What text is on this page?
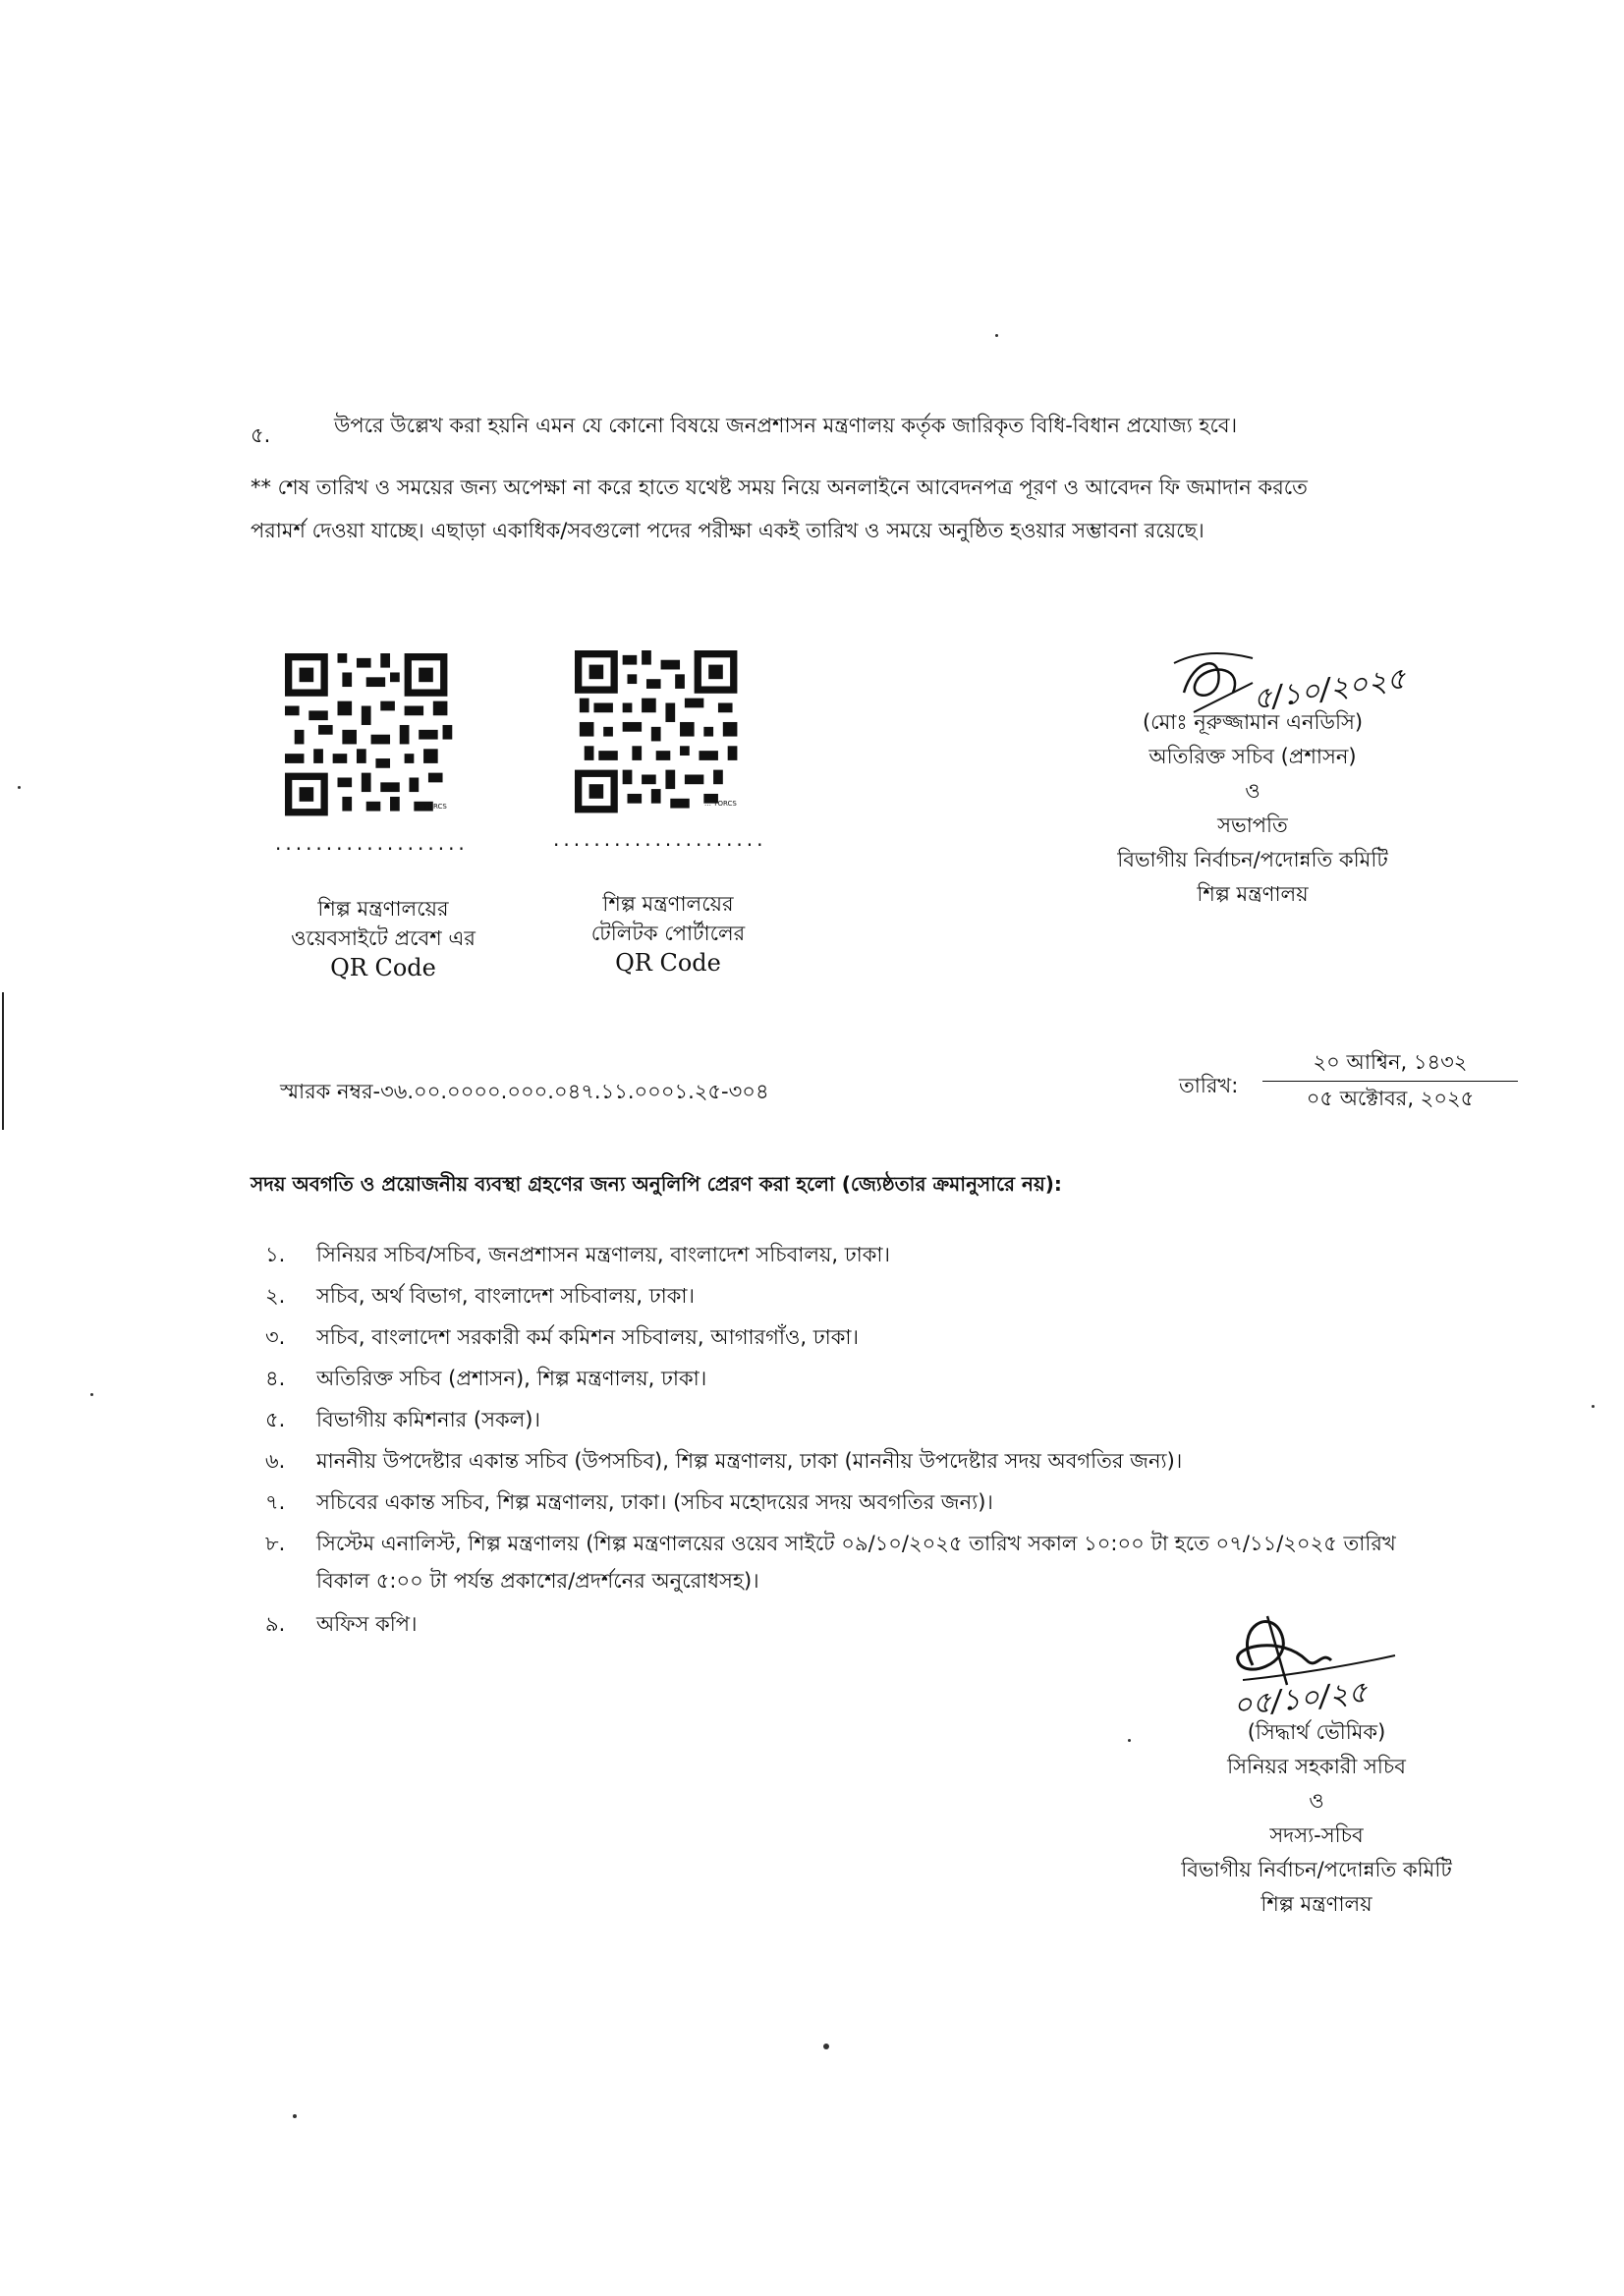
৫.	উপরে উল্লেখ করা হয়নি এমন যে কোনো বিষয়ে জনপ্রশাসন মন্ত্রণালয় কর্তৃক জারিকৃত বিধি-বিধান প্রযোজ্য হবে।
** শেষ তারিখ ও সময়ের জন্য অপেক্ষা না করে হাতে যথেষ্ট সময় নিয়ে অনলাইনে আবেদনপত্র পূরণ ও আবেদন ফি জমাদান করতে
পরামর্শ দেওয়া যাচ্ছে। এছাড়া একাধিক/সবগুলো পদের পরীক্ষা একই তারিখ ও সময়ে অনুষ্ঠিত হওয়ার সম্ভাবনা রয়েছে।
.:: TORCS
...................
শিল্প মন্ত্রণালয়ের
ওয়েবসাইটে প্রবেশ এর
QR Code
.:: TORCS
.....................
শিল্প মন্ত্রণালয়ের
টেলিটক পোর্টালের
QR Code
৫/১০/২০২৫
(মোঃ নূরুজ্জামান এনডিসি)
অতিরিক্ত সচিব (প্রশাসন)
ও
সভাপতি
বিভাগীয় নির্বাচন/পদোন্নতি কমিটি
শিল্প মন্ত্রণালয়
স্মারক নম্বর-৩৬.০০.০০০০.০০০.০৪৭.১১.০০০১.২৫-৩০৪	তারিখ:
২০ আশ্বিন, ১৪৩২
০৫ অক্টোবর, ২০২৫
সদয় অবগতি ও প্রয়োজনীয় ব্যবস্থা গ্রহণের জন্য অনুলিপি প্রেরণ করা হলো (জ্যেষ্ঠতার ক্রমানুসারে নয়):
১. সিনিয়র সচিব/সচিব, জনপ্রশাসন মন্ত্রণালয়, বাংলাদেশ সচিবালয়, ঢাকা।
২. সচিব, অর্থ বিভাগ, বাংলাদেশ সচিবালয়, ঢাকা।
৩. সচিব, বাংলাদেশ সরকারী কর্ম কমিশন সচিবালয়, আগারগাঁও, ঢাকা।
৪. অতিরিক্ত সচিব (প্রশাসন), শিল্প মন্ত্রণালয়, ঢাকা।
৫. বিভাগীয় কমিশনার (সকল)।
৬. মাননীয় উপদেষ্টার একান্ত সচিব (উপসচিব), শিল্প মন্ত্রণালয়, ঢাকা (মাননীয় উপদেষ্টার সদয় অবগতির জন্য)।
৭. সচিবের একান্ত সচিব, শিল্প মন্ত্রণালয়, ঢাকা। (সচিব মহোদয়ের সদয় অবগতির জন্য)।
৮. সিস্টেম এনালিস্ট, শিল্প মন্ত্রণালয় (শিল্প মন্ত্রণালয়ের ওয়েব সাইটে ০৯/১০/২০২৫ তারিখ সকাল ১০:০০ টা হতে ০৭/১১/২০২৫ তারিখ
বিকাল ৫:০০ টা পর্যন্ত প্রকাশের/প্রদর্শনের অনুরোধসহ)।
৯. অফিস কপি।
০৫/১০/২৫
(সিদ্ধার্থ ভৌমিক)
সিনিয়র সহকারী সচিব
ও
সদস্য-সচিব
বিভাগীয় নির্বাচন/পদোন্নতি কমিটি
শিল্প মন্ত্রণালয়
